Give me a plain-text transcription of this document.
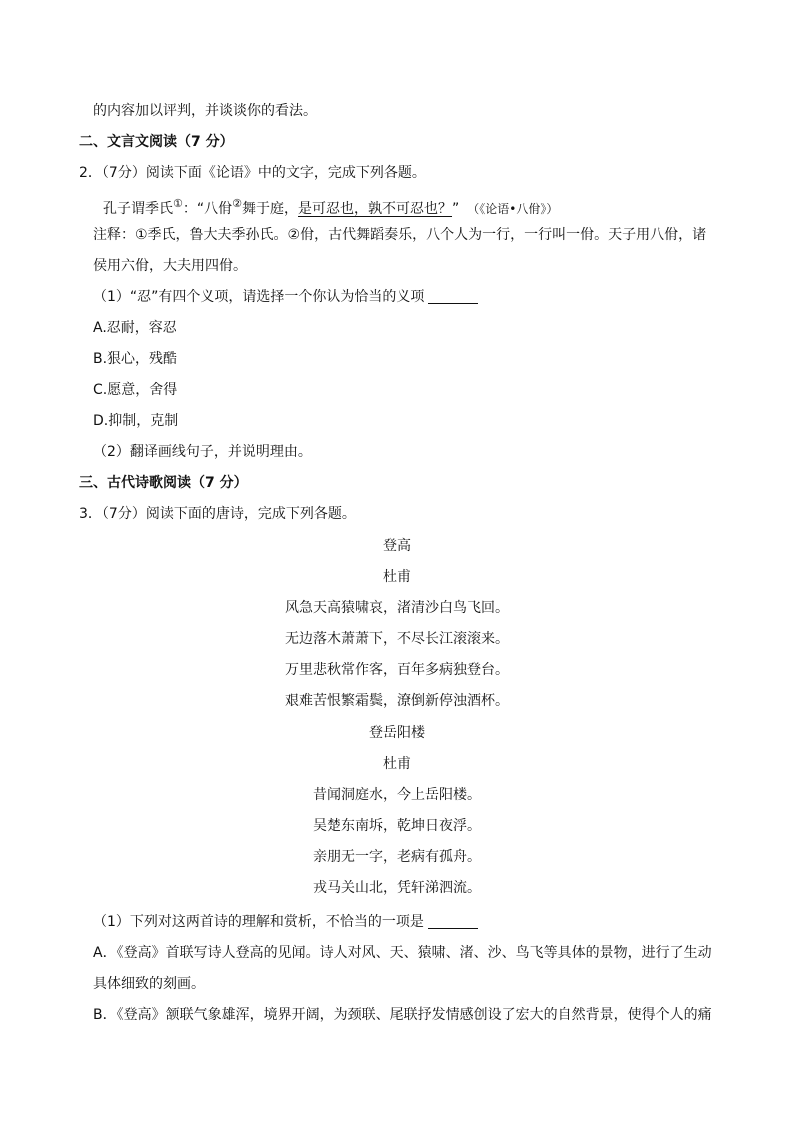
的内容加以评判，并谈谈你的看法。
二、文言文阅读（7 分）
2．（7分）阅读下面《论语》中的文字，完成下列各题。
孔子谓季氏①：“八佾②舞于庭，是可忍也，孰不可忍也？” （《论语•八佾》）
注释：①季氏，鲁大夫季孙氏。②佾，古代舞蹈奏乐，八个人为一行，一行叫一佾。天子用八佾，诸
侯用六佾，大夫用四佾。
（1）“忍”有四个义项，请选择一个你认为恰当的义项
A.忍耐，容忍
B.狠心，残酷
C.愿意，舍得
D.抑制，克制
（2）翻译画线句子，并说明理由。
三、古代诗歌阅读（7 分）
3．（7分）阅读下面的唐诗，完成下列各题。
登高
杜甫
风急天高猿啸哀，渚清沙白鸟飞回。
无边落木萧萧下，不尽长江滚滚来。
万里悲秋常作客，百年多病独登台。
艰难苦恨繁霜鬓，潦倒新停浊酒杯。
登岳阳楼
杜甫
昔闻洞庭水，今上岳阳楼。
吴楚东南坼，乾坤日夜浮。
亲朋无一字，老病有孤舟。
戎马关山北，凭轩涕泗流。
（1）下列对这两首诗的理解和赏析，不恰当的一项是
A．《登高》首联写诗人登高的见闻。诗人对风、天、猿啸、渚、沙、鸟飞等具体的景物，进行了生动
具体细致的刻画。
B．《登高》颔联气象雄浑，境界开阔，为颈联、尾联抒发情感创设了宏大的自然背景，使得个人的痛
